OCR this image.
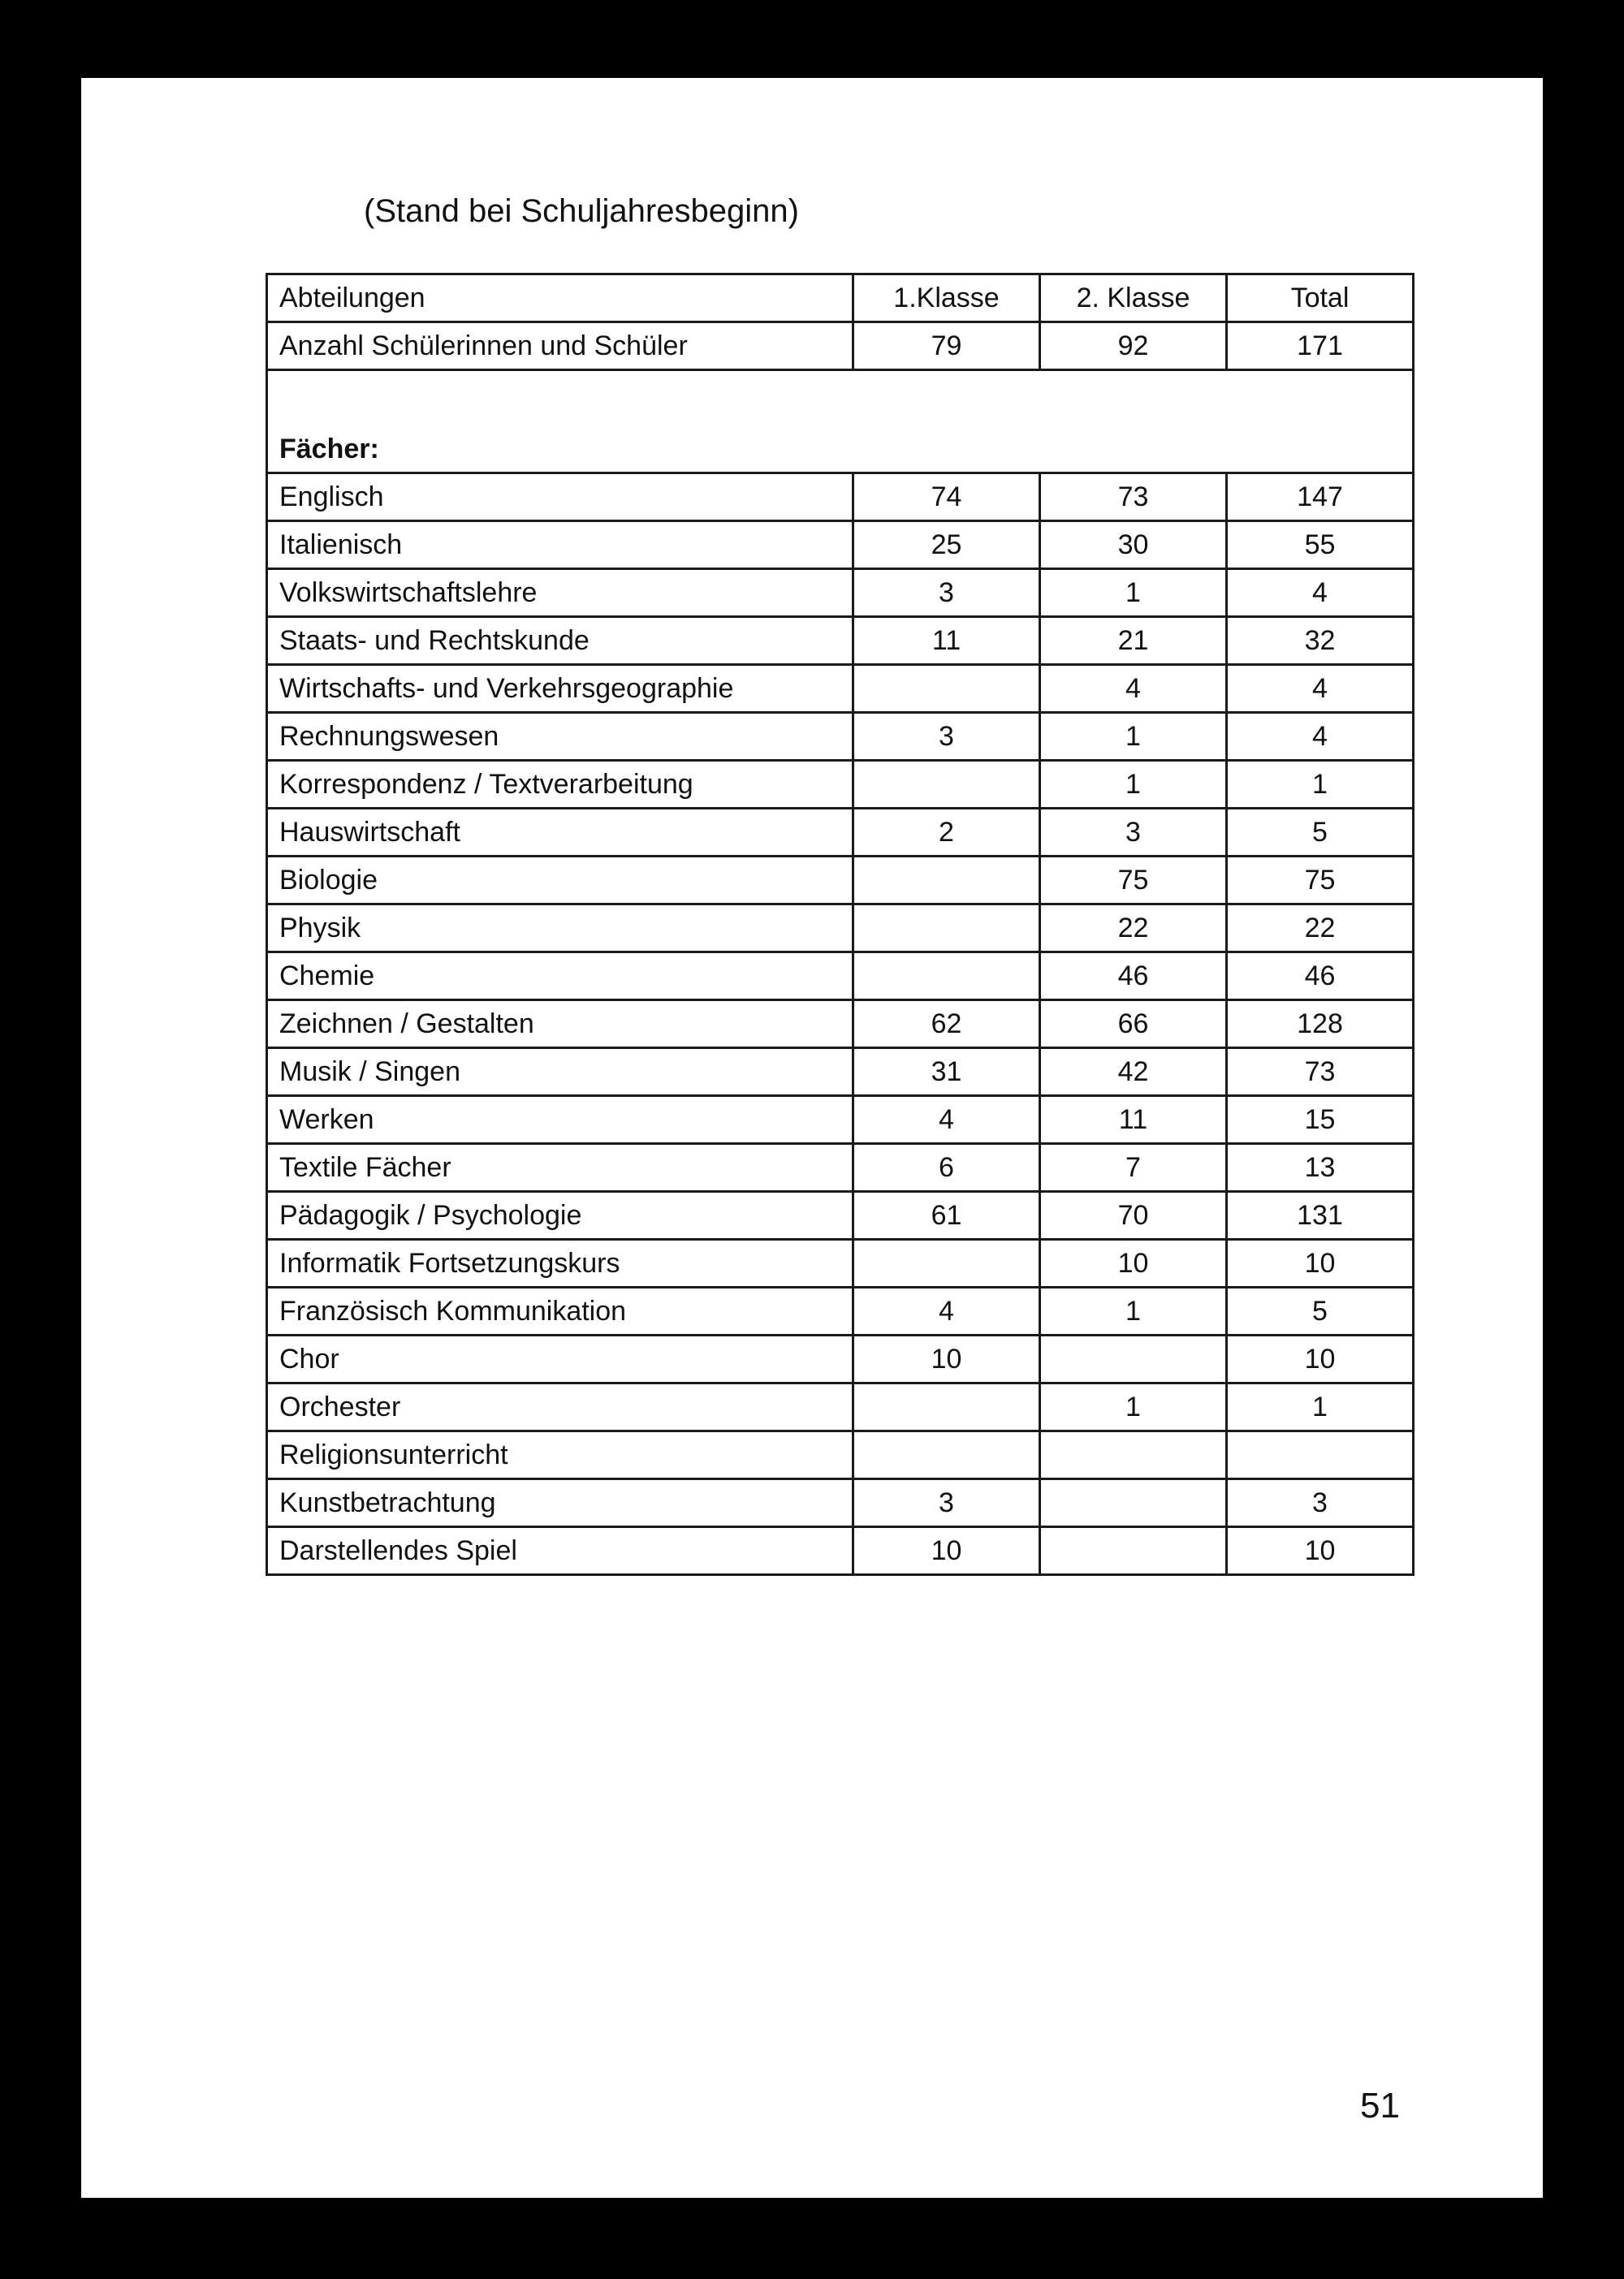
(Stand bei Schuljahresbeginn)
Abteilungen	1.Klasse	2. Klasse	Total
Anzahl Schülerinnen und Schüler	79	92	171
Fächer:			
Englisch	74	73	147
Italienisch	25	30	55
Volkswirtschaftslehre	3	1	4
Staats- und Rechtskunde	11	21	32
Wirtschafts- und Verkehrsgeographie		4	4
Rechnungswesen	3	1	4
Korrespondenz / Textverarbeitung		1	1
Hauswirtschaft	2	3	5
Biologie		75	75
Physik		22	22
Chemie		46	46
Zeichnen / Gestalten	62	66	128
Musik / Singen	31	42	73
Werken	4	11	15
Textile Fächer	6	7	13
Pädagogik / Psychologie	61	70	131
Informatik Fortsetzungskurs		10	10
Französisch Kommunikation	4	1	5
Chor	10		10
Orchester		1	1
Religionsunterricht			
Kunstbetrachtung	3		3
Darstellendes Spiel	10		10
51
